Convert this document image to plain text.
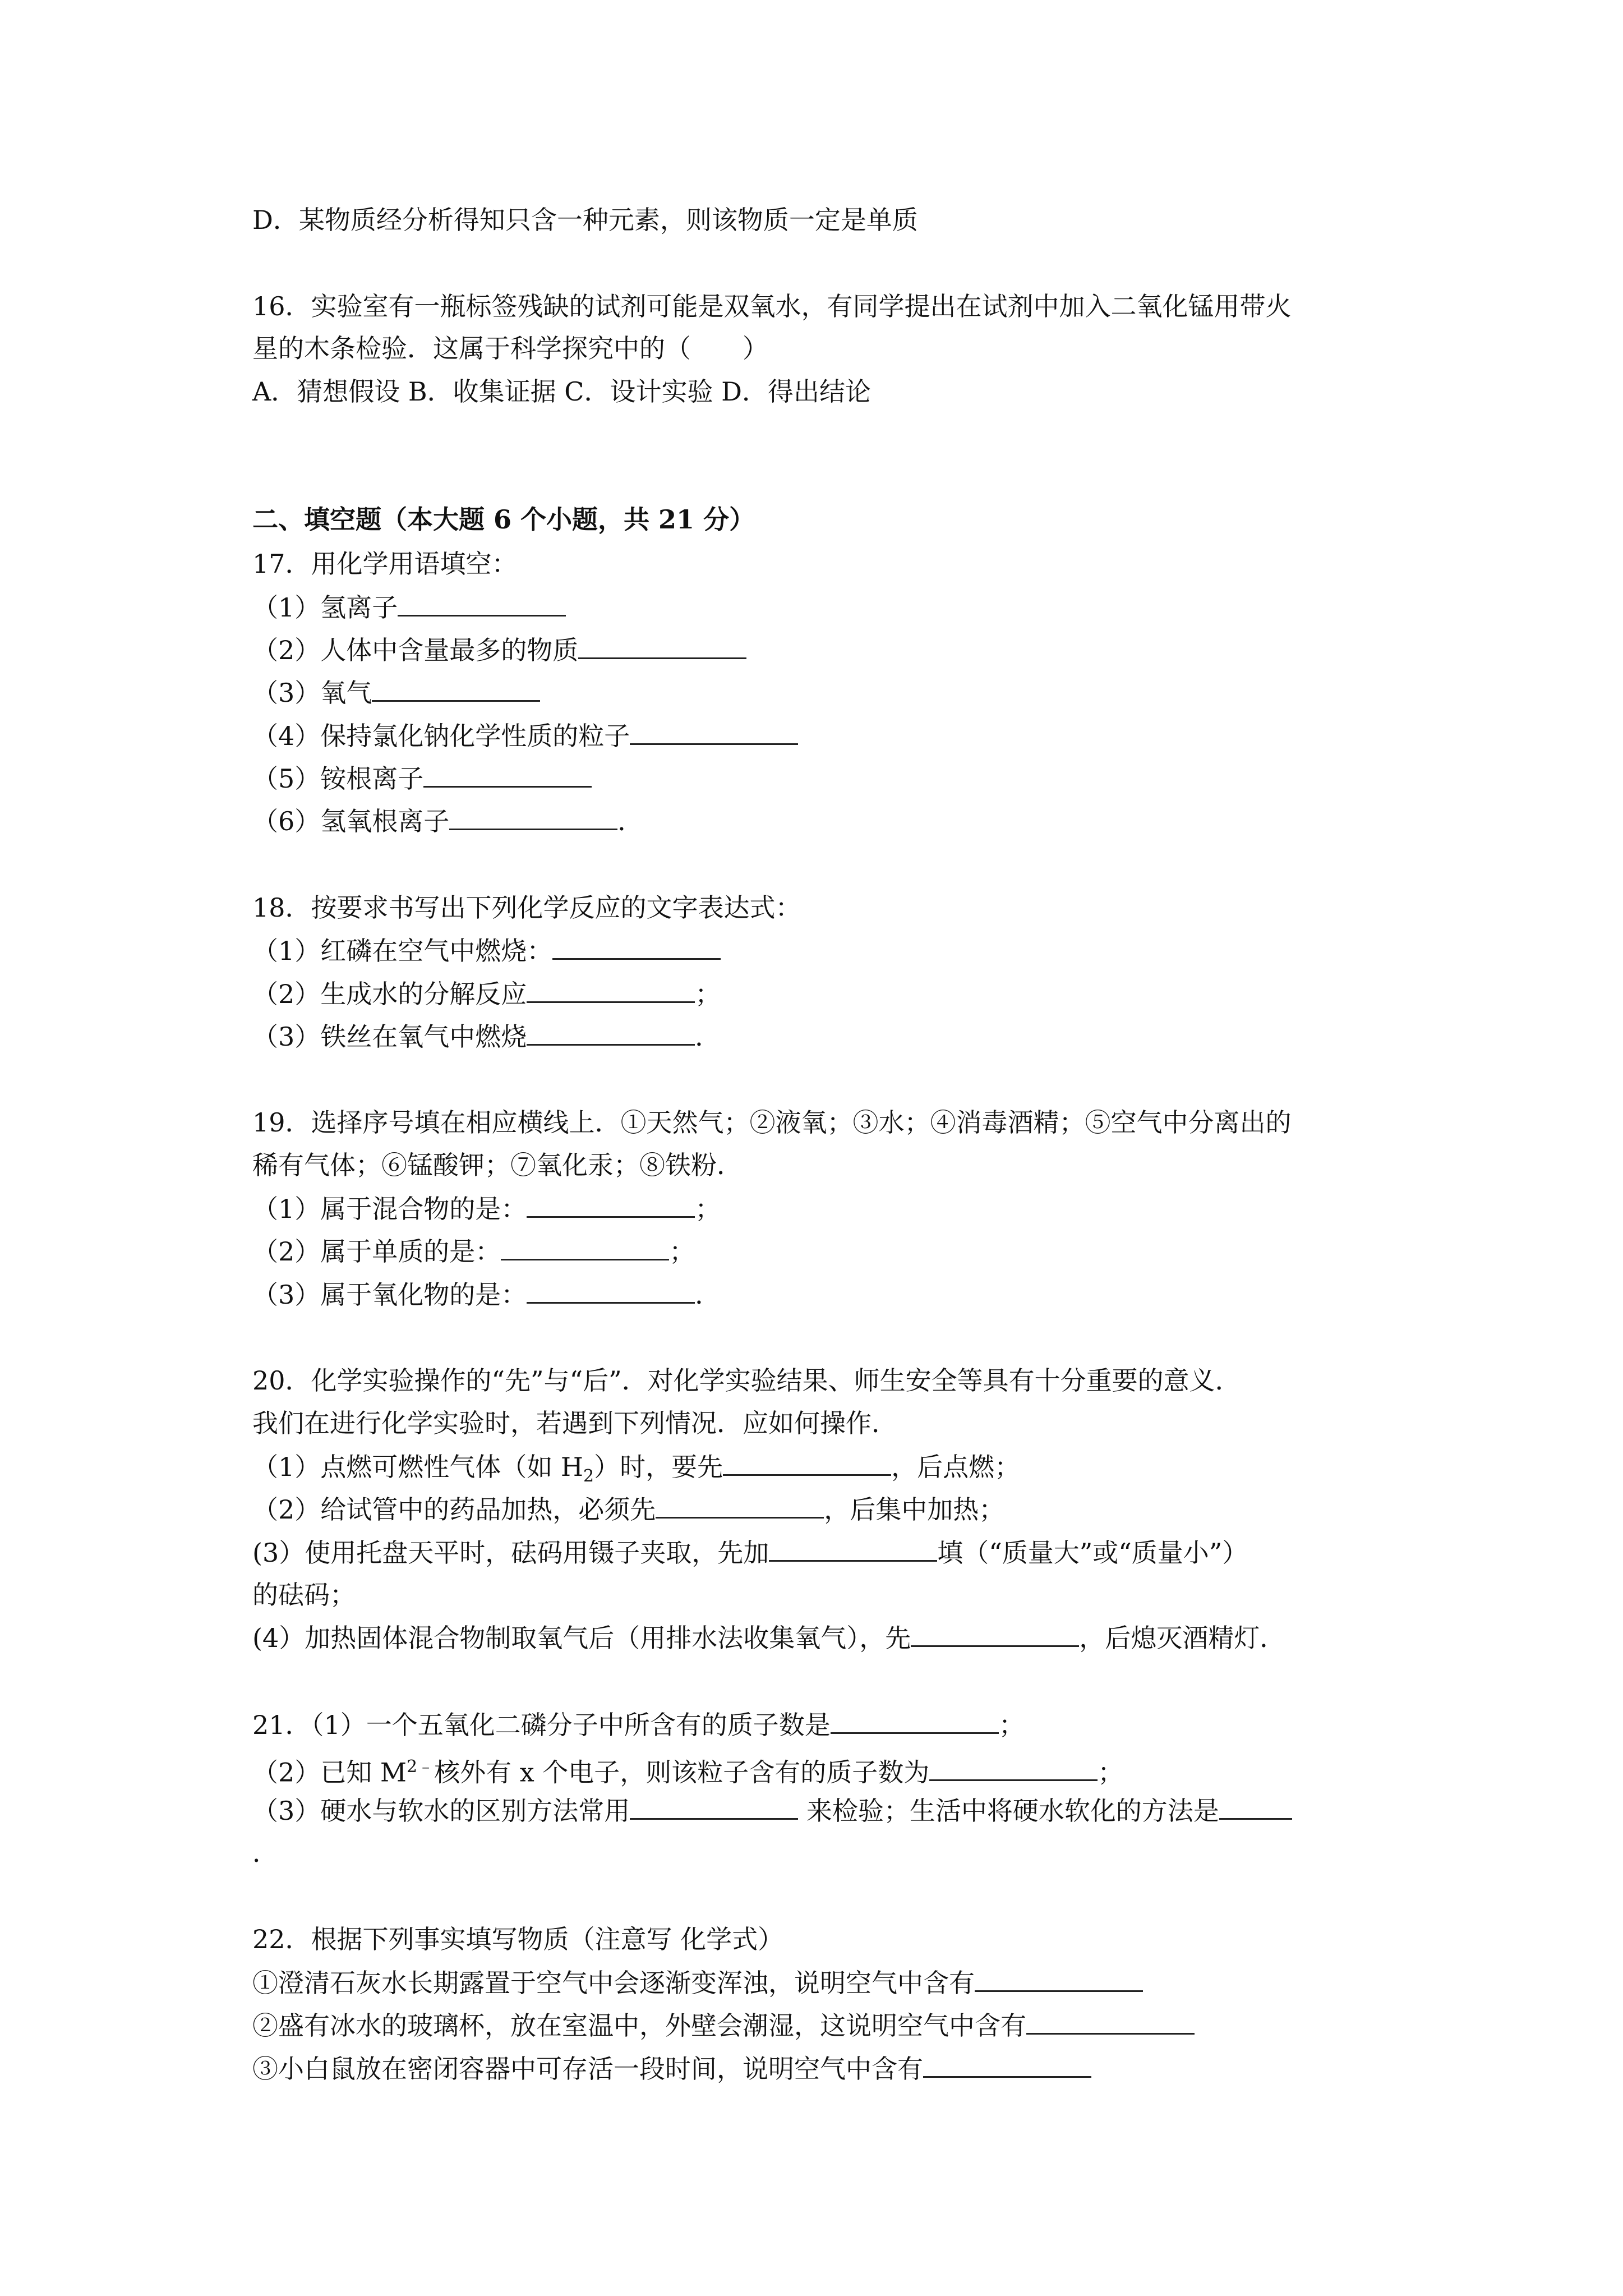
D．某物质经分析得知只含一种元素，则该物质一定是单质
16．实验室有一瓶标签残缺的试剂可能是双氧水，有同学提出在试剂中加入二氧化锰用带火
星的木条检验．这属于科学探究中的（　　）
A．猜想假设 B．收集证据 C．设计实验 D．得出结论
二、填空题（本大题 6 个小题，共 21 分）
17．用化学用语填空：
（1）氢离子
（2）人体中含量最多的物质
（3）氧气
（4）保持氯化钠化学性质的粒子
（5）铵根离子
（6）氢氧根离子	．
18．按要求书写出下列化学反应的文字表达式：
（1）红磷在空气中燃烧：
（2）生成水的分解反应	；
（3）铁丝在氧气中燃烧	．
19．选择序号填在相应横线上．①天然气；②液氧；③水；④消毒酒精；⑤空气中分离出的
稀有气体；⑥锰酸钾；⑦氧化汞；⑧铁粉．
（1）属于混合物的是：	；
（2）属于单质的是：	；
（3）属于氧化物的是：	．
20．化学实验操作的“先”与“后”．对化学实验结果、师生安全等具有十分重要的意义．
我们在进行化学实验时，若遇到下列情况．应如何操作．
（1）点燃可燃性气体（如 $H_2$）时，要先	，后点燃；
（2）给试管中的药品加热，必须先	，后集中加热；
(3）使用托盘天平时，砝码用镊子夹取，先加	填（“质量大”或“质量小”）
的砝码；
(4）加热固体混合物制取氧气后（用排水法收集氧气），先	，后熄灭酒精灯．
21．（1）一个五氧化二磷分子中所含有的质子数是	；
（2）已知 $M^{2﹣}$核外有 x 个电子，则该粒子含有的质子数为	；
（3）硬水与软水的区别方法常用	来检验；生活中将硬水软化的方法是
．
22．根据下列事实填写物质（注意写 化学式）
①澄清石灰水长期露置于空气中会逐渐变浑浊，说明空气中含有
②盛有冰水的玻璃杯，放在室温中，外壁会潮湿，这说明空气中含有
③小白鼠放在密闭容器中可存活一段时间，说明空气中含有
